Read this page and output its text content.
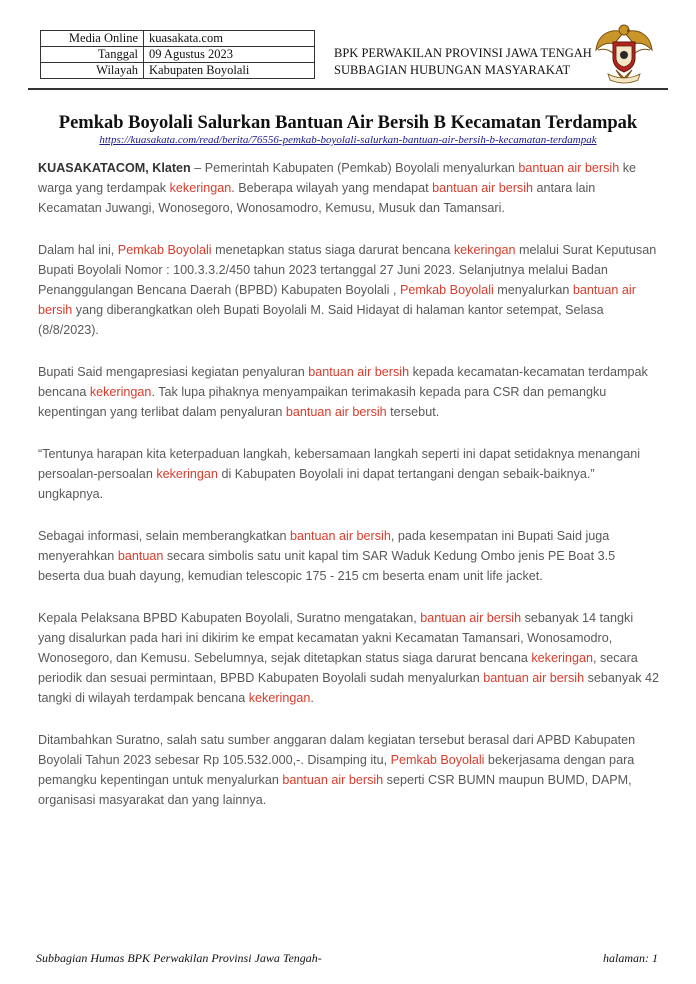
Media Online	kuasakata.com
Tanggal	09 Agustus 2023
Wilayah	Kabupaten Boyolali
BPK PERWAKILAN PROVINSI JAWA TENGAH
SUBBAGIAN HUBUNGAN MASYARAKAT
Pemkab Boyolali Salurkan Bantuan Air Bersih B Kecamatan Terdampak
https://kuasakata.com/read/berita/76556-pemkab-boyolali-salurkan-bantuan-air-bersih-b-kecamatan-terdampak

KUASAKATACOM, Klaten – Pemerintah Kabupaten (Pemkab) Boyolali menyalurkan bantuan air bersih ke warga yang terdampak kekeringan. Beberapa wilayah yang mendapat bantuan air bersih antara lain Kecamatan Juwangi, Wonosegoro, Wonosamodro, Kemusu, Musuk dan Tamansari.

Dalam hal ini, Pemkab Boyolali menetapkan status siaga darurat bencana kekeringan melalui Surat Keputusan Bupati Boyolali Nomor : 100.3.3.2/450 tahun 2023 tertanggal 27 Juni 2023. Selanjutnya melalui Badan Penanggulangan Bencana Daerah (BPBD) Kabupaten Boyolali , Pemkab Boyolali menyalurkan bantuan air bersih yang diberangkatkan oleh Bupati Boyolali M. Said Hidayat di halaman kantor setempat, Selasa (8/8/2023).

Bupati Said mengapresiasi kegiatan penyaluran bantuan air bersih kepada kecamatan-kecamatan terdampak bencana kekeringan. Tak lupa pihaknya menyampaikan terimakasih kepada para CSR dan pemangku kepentingan yang terlibat dalam penyaluran bantuan air bersih tersebut.

“Tentunya harapan kita keterpaduan langkah, kebersamaan langkah seperti ini dapat setidaknya menangani persoalan-persoalan kekeringan di Kabupaten Boyolali ini dapat tertangani dengan sebaik-baiknya.” ungkapnya.

Sebagai informasi, selain memberangkatkan bantuan air bersih, pada kesempatan ini Bupati Said juga menyerahkan bantuan secara simbolis satu unit kapal tim SAR Waduk Kedung Ombo jenis PE Boat 3.5 beserta dua buah dayung, kemudian telescopic 175 - 215 cm beserta enam unit life jacket.

Kepala Pelaksana BPBD Kabupaten Boyolali, Suratno mengatakan, bantuan air bersih sebanyak 14 tangki yang disalurkan pada hari ini dikirim ke empat kecamatan yakni Kecamatan Tamansari, Wonosamodro, Wonosegoro, dan Kemusu. Sebelumnya, sejak ditetapkan status siaga darurat bencana kekeringan, secara periodik dan sesuai permintaan, BPBD Kabupaten Boyolali sudah menyalurkan bantuan air bersih sebanyak 42 tangki di wilayah terdampak bencana kekeringan.

Ditambahkan Suratno, salah satu sumber anggaran dalam kegiatan tersebut berasal dari APBD Kabupaten Boyolali Tahun 2023 sebesar Rp 105.532.000,-. Disamping itu, Pemkab Boyolali bekerjasama dengan para pemangku kepentingan untuk menyalurkan bantuan air bersih seperti CSR BUMN maupun BUMD, DAPM, organisasi masyarakat dan yang lainnya.

Subbagian Humas BPK Perwakilan Provinsi Jawa Tengah-	halaman: 1
